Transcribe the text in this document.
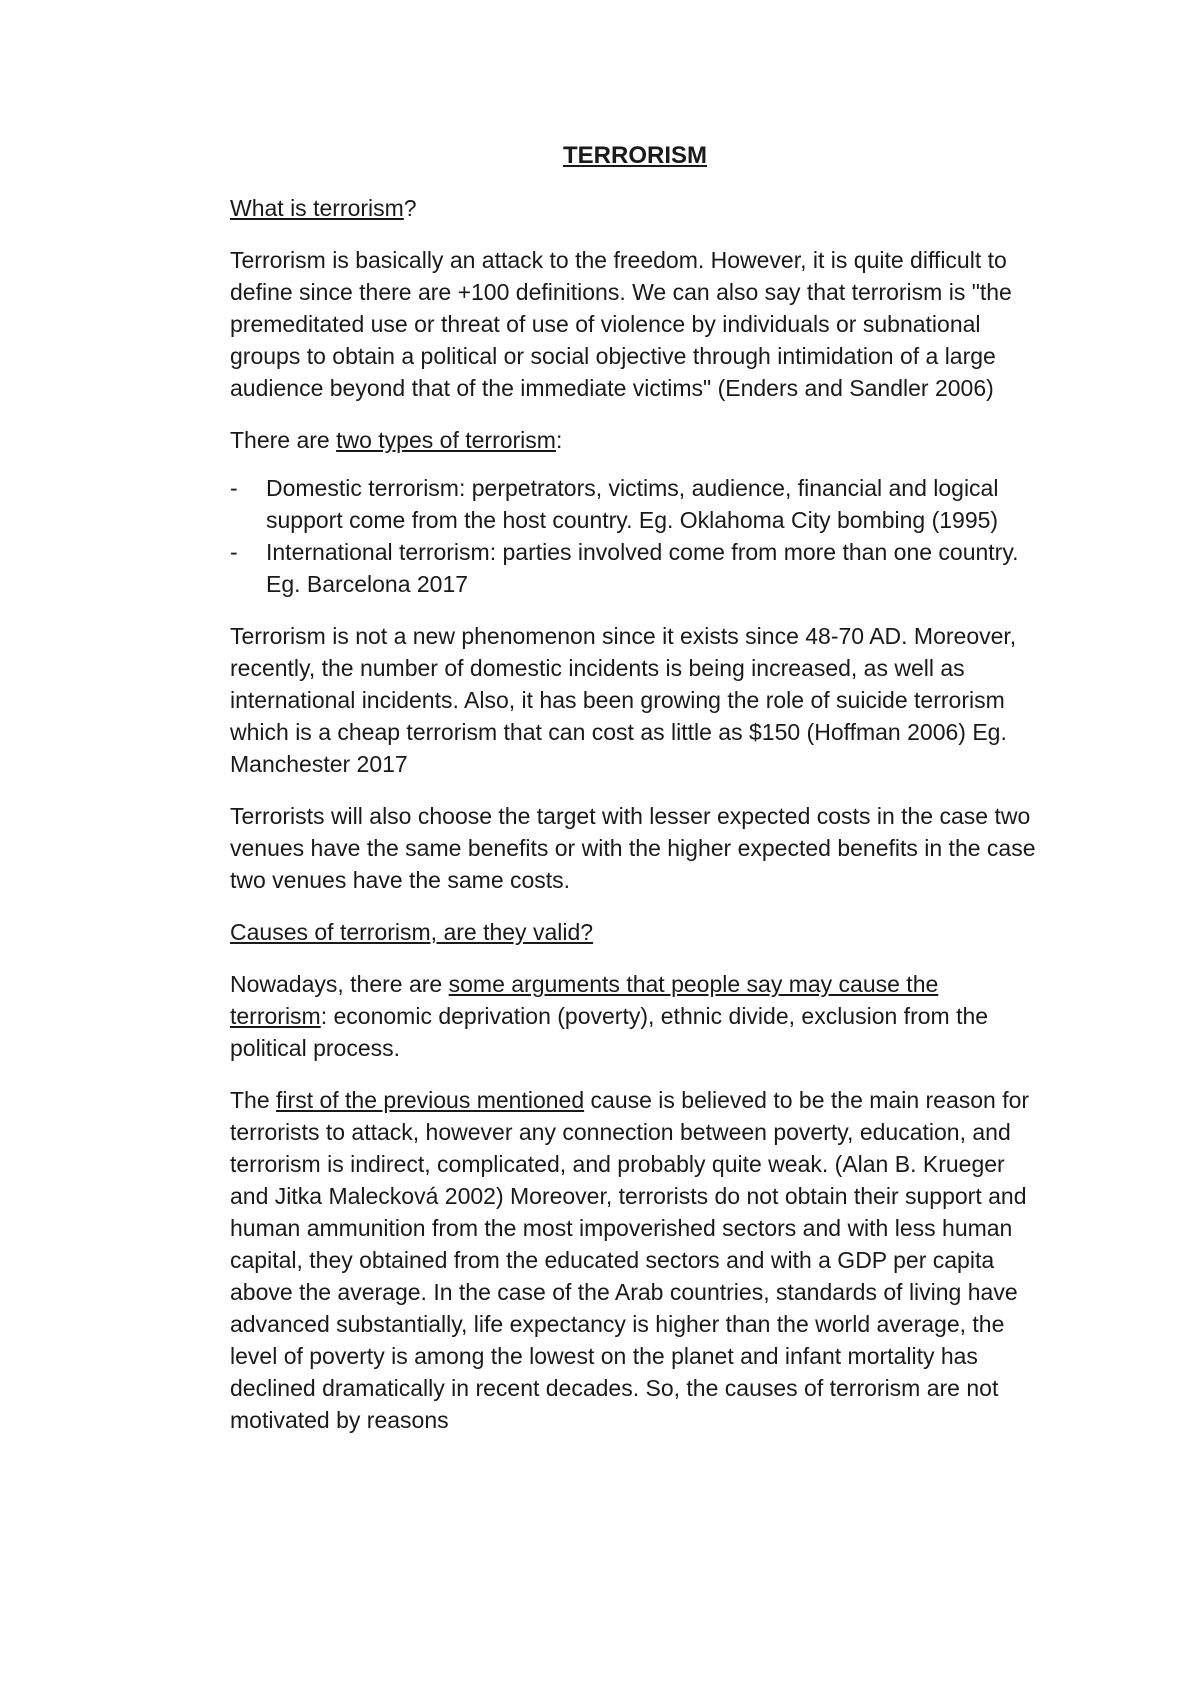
TERRORISM

What is terrorism?

Terrorism is basically an attack to the freedom. However, it is quite difficult to define since there are +100 definitions. We can also say that terrorism is "the premeditated use or threat of use of violence by individuals or subnational groups to obtain a political or social objective through intimidation of a large audience beyond that of the immediate victims" (Enders and Sandler 2006)

There are two types of terrorism:

- Domestic terrorism: perpetrators, victims, audience, financial and logical support come from the host country. Eg. Oklahoma City bombing (1995)
- International terrorism: parties involved come from more than one country. Eg. Barcelona 2017

Terrorism is not a new phenomenon since it exists since 48-70 AD. Moreover, recently, the number of domestic incidents is being increased, as well as international incidents. Also, it has been growing the role of suicide terrorism which is a cheap terrorism that can cost as little as $150 (Hoffman 2006) Eg. Manchester 2017

Terrorists will also choose the target with lesser expected costs in the case two venues have the same benefits or with the higher expected benefits in the case two venues have the same costs.

Causes of terrorism, are they valid?

Nowadays, there are some arguments that people say may cause the terrorism: economic deprivation (poverty), ethnic divide, exclusion from the political process.

The first of the previous mentioned cause is believed to be the main reason for terrorists to attack, however any connection between poverty, education, and terrorism is indirect, complicated, and probably quite weak. (Alan B. Krueger and Jitka Malecková 2002) Moreover, terrorists do not obtain their support and human ammunition from the most impoverished sectors and with less human capital, they obtained from the educated sectors and with a GDP per capita above the average. In the case of the Arab countries, standards of living have advanced substantially, life expectancy is higher than the world average, the level of poverty is among the lowest on the planet and infant mortality has declined dramatically in recent decades. So, the causes of terrorism are not motivated by reasons
